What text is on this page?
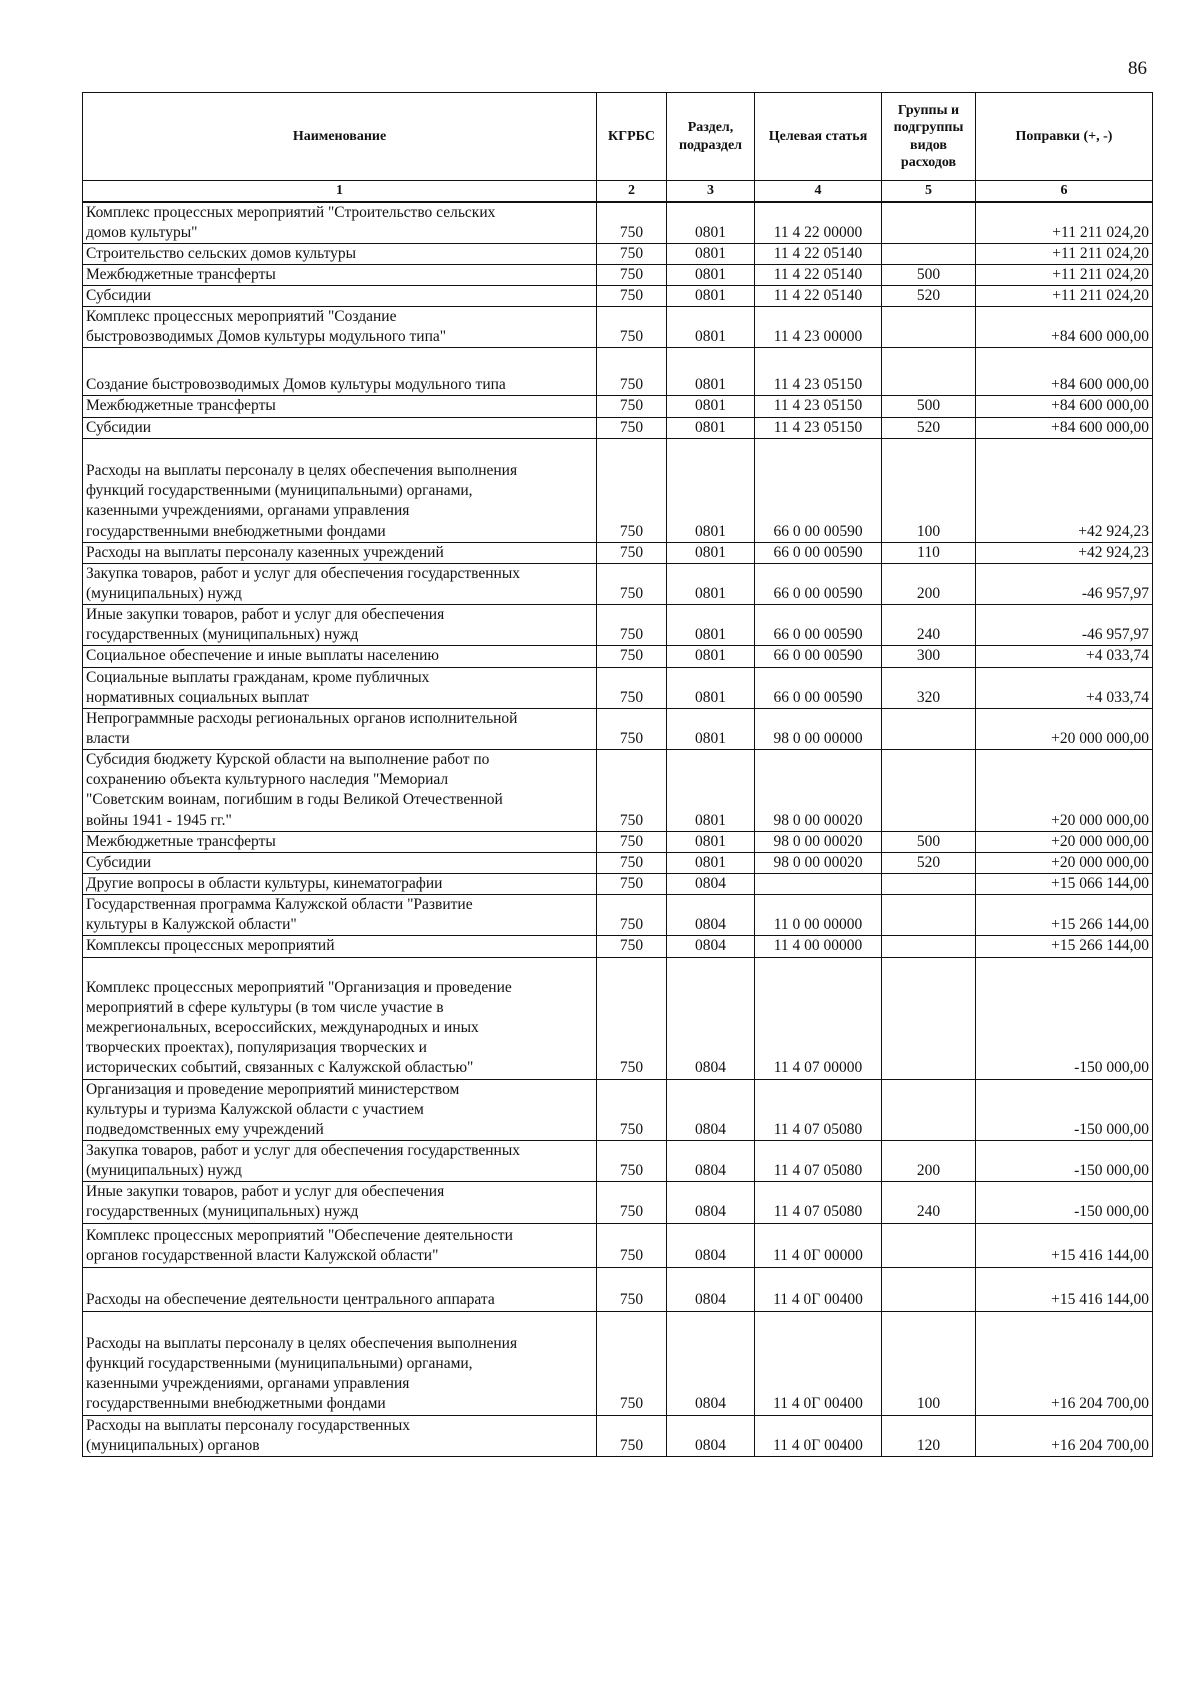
86
Наименование	КГРБС	Раздел, подраздел	Целевая статья	Группы и подгруппы видов расходов	Поправки (+, -)
1	2	3	4	5	6
Комплекс процессных мероприятий "Строительство сельских
домов культуры"	750	0801	11 4 22 00000		+11 211 024,20
Строительство сельских домов культуры	750	0801	11 4 22 05140		+11 211 024,20
Межбюджетные трансферты	750	0801	11 4 22 05140	500	+11 211 024,20
Субсидии	750	0801	11 4 22 05140	520	+11 211 024,20
Комплекс процессных мероприятий "Создание
быстровозводимых Домов культуры модульного типа"	750	0801	11 4 23 00000		+84 600 000,00
Создание быстровозводимых Домов культуры модульного типа	750	0801	11 4 23 05150		+84 600 000,00
Межбюджетные трансферты	750	0801	11 4 23 05150	500	+84 600 000,00
Субсидии	750	0801	11 4 23 05150	520	+84 600 000,00
Расходы на выплаты персоналу в целях обеспечения выполнения
функций государственными (муниципальными) органами,
казенными учреждениями, органами управления
государственными внебюджетными фондами	750	0801	66 0 00 00590	100	+42 924,23
Расходы на выплаты персоналу казенных учреждений	750	0801	66 0 00 00590	110	+42 924,23
Закупка товаров, работ и услуг для обеспечения государственных
(муниципальных) нужд	750	0801	66 0 00 00590	200	-46 957,97
Иные закупки товаров, работ и услуг для обеспечения
государственных (муниципальных) нужд	750	0801	66 0 00 00590	240	-46 957,97
Социальное обеспечение и иные выплаты населению	750	0801	66 0 00 00590	300	+4 033,74
Социальные выплаты гражданам, кроме публичных
нормативных социальных выплат	750	0801	66 0 00 00590	320	+4 033,74
Непрограммные расходы региональных органов исполнительной
власти	750	0801	98 0 00 00000		+20 000 000,00
Субсидия бюджету Курской области на выполнение работ по
сохранению объекта культурного наследия "Мемориал
"Советским воинам, погибшим в годы Великой Отечественной
войны 1941 - 1945 гг."	750	0801	98 0 00 00020		+20 000 000,00
Межбюджетные трансферты	750	0801	98 0 00 00020	500	+20 000 000,00
Субсидии	750	0801	98 0 00 00020	520	+20 000 000,00
Другие вопросы в области культуры, кинематографии	750	0804			+15 066 144,00
Государственная программа Калужской области "Развитие
культуры в Калужской области"	750	0804	11 0 00 00000		+15 266 144,00
Комплексы процессных мероприятий	750	0804	11 4 00 00000		+15 266 144,00
Комплекс процессных мероприятий "Организация и проведение
мероприятий в сфере культуры (в том числе участие в
межрегиональных, всероссийских, международных и иных
творческих проектах), популяризация творческих и
исторических событий, связанных с Калужской областью"	750	0804	11 4 07 00000		-150 000,00
Организация и проведение мероприятий министерством
культуры и туризма Калужской области с участием
подведомственных ему учреждений	750	0804	11 4 07 05080		-150 000,00
Закупка товаров, работ и услуг для обеспечения государственных
(муниципальных) нужд	750	0804	11 4 07 05080	200	-150 000,00
Иные закупки товаров, работ и услуг для обеспечения
государственных (муниципальных) нужд	750	0804	11 4 07 05080	240	-150 000,00
Комплекс процессных мероприятий "Обеспечение деятельности
органов государственной власти Калужской области"	750	0804	11 4 0Г 00000		+15 416 144,00
Расходы на обеспечение деятельности центрального аппарата	750	0804	11 4 0Г 00400		+15 416 144,00
Расходы на выплаты персоналу в целях обеспечения выполнения
функций государственными (муниципальными) органами,
казенными учреждениями, органами управления
государственными внебюджетными фондами	750	0804	11 4 0Г 00400	100	+16 204 700,00
Расходы на выплаты персоналу государственных
(муниципальных) органов	750	0804	11 4 0Г 00400	120	+16 204 700,00
